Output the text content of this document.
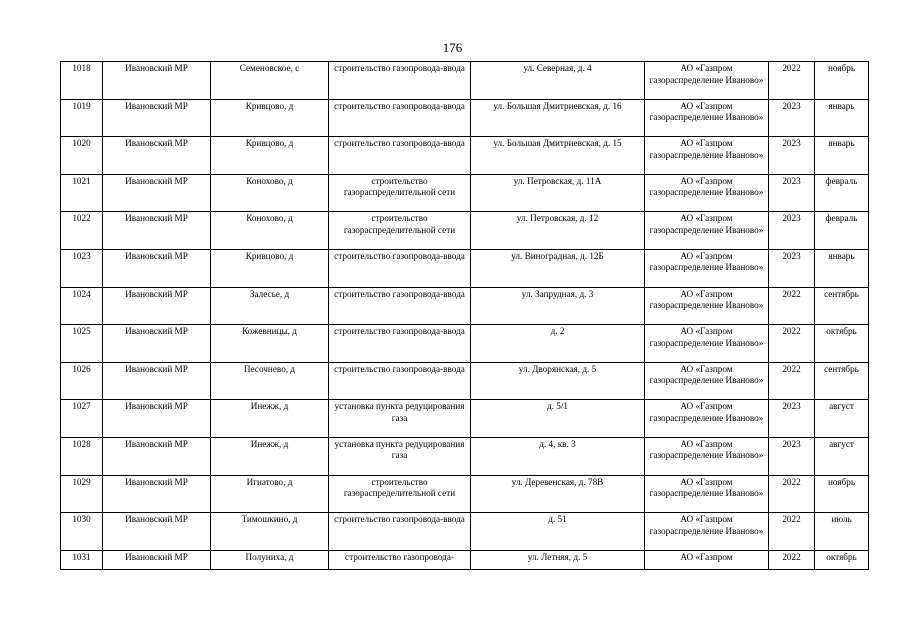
176
1018	Ивановский МР	Семеновское, с	строительство газопровода-ввода	ул. Северная, д. 4	АО «Газпром газораспределение Иваново»	2022	ноябрь
1019	Ивановский МР	Кривцово, д	строительство газопровода-ввода	ул. Большая Дмитриевская, д. 16	АО «Газпром газораспределение Иваново»	2023	январь
1020	Ивановский МР	Кривцово, д	строительство газопровода-ввода	ул. Большая Дмитриевская, д. 15	АО «Газпром газораспределение Иваново»	2023	январь
1021	Ивановский МР	Конохово, д	строительство газораспределительной сети	ул. Петровская, д. 11А	АО «Газпром газораспределение Иваново»	2023	февраль
1022	Ивановский МР	Конохово, д	строительство газораспределительной сети	ул. Петровская, д. 12	АО «Газпром газораспределение Иваново»	2023	февраль
1023	Ивановский МР	Кривцово, д	строительство газопровода-ввода	ул. Виноградная, д. 12Б	АО «Газпром газораспределение Иваново»	2023	январь
1024	Ивановский МР	Залесье, д	строительство газопровода-ввода	ул. Запрудная, д. 3	АО «Газпром газораспределение Иваново»	2022	сентябрь
1025	Ивановский МР	Кожевницы, д	строительство газопровода-ввода	д. 2	АО «Газпром газораспределение Иваново»	2022	октябрь
1026	Ивановский МР	Песочнево, д	строительство газопровода-ввода	ул. Дворянская, д. 5	АО «Газпром газораспределение Иваново»	2022	сентябрь
1027	Ивановский МР	Инежж, д	установка пункта редуцирования газа	д. 5/1	АО «Газпром газораспределение Иваново»	2023	август
1028	Ивановский МР	Инежж, д	установка пункта редуцирования газа	д. 4, кв. 3	АО «Газпром газораспределение Иваново»	2023	август
1029	Ивановский МР	Игнатово, д	строительство газораспределительной сети	ул. Деревенская, д. 78В	АО «Газпром газораспределение Иваново»	2022	ноябрь
1030	Ивановский МР	Тимошкино, д	строительство газопровода-ввода	д. 51	АО «Газпром газораспределение Иваново»	2022	июль
1031	Ивановский МР	Полуниха, д	строительство газопровода-	ул. Летняя, д. 5	АО «Газпром	2022	октябрь
